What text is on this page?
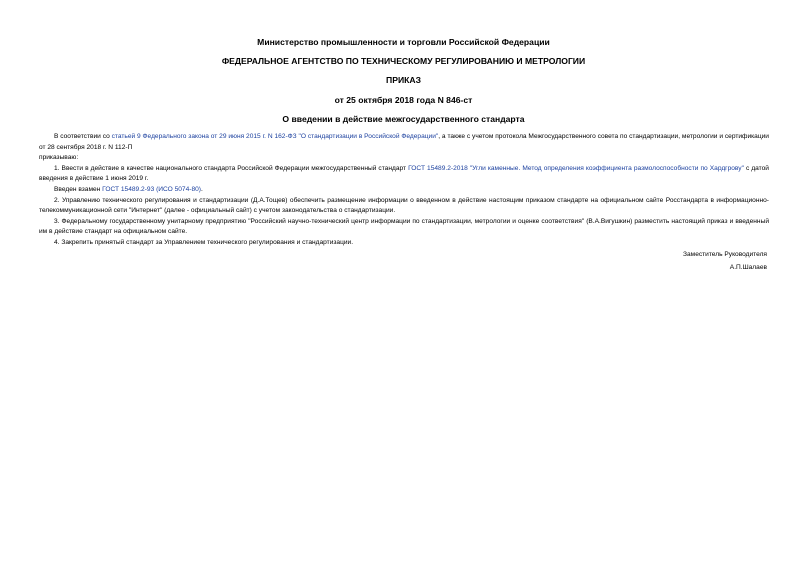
Министерство промышленности и торговли Российской Федерации
ФЕДЕРАЛЬНОЕ АГЕНТСТВО ПО ТЕХНИЧЕСКОМУ РЕГУЛИРОВАНИЮ И МЕТРОЛОГИИ
ПРИКАЗ
от 25 октября 2018 года N 846-ст
О введении в действие межгосударственного стандарта

В соответствии со статьей 9 Федерального закона от 29 июня 2015 г. N 162-ФЗ "О стандартизации в Российской Федерации", а также с учетом протокола Межгосударственного совета по стандартизации, метрологии и сертификации от 28 сентября 2018 г. N 112-П

приказываю:

1. Ввести в действие в качестве национального стандарта Российской Федерации межгосударственный стандарт ГОСТ 15489.2-2018 "Угли каменные. Метод определения коэффициента размолоспособности по Хардгрову" с датой введения в действие 1 июня 2019 г.

Введен взамен ГОСТ 15489.2-93 (ИСО 5074-80).

2. Управлению технического регулирования и стандартизации (Д.А.Тощев) обеспечить размещение информации о введенном в действие настоящим приказом стандарте на официальном сайте Росстандарта в информационно-телекоммуникационной сети "Интернет" (далее - официальный сайт) с учетом законодательства о стандартизации.

3. Федеральному государственному унитарному предприятию "Российский научно-технический центр информации по стандартизации, метрологии и оценке соответствия" (В.А.Вигушкин) разместить настоящий приказ и введенный им в действие стандарт на официальном сайте.

4. Закрепить принятый стандарт за Управлением технического регулирования и стандартизации.

Заместитель Руководителя
А.П.Шалаев
